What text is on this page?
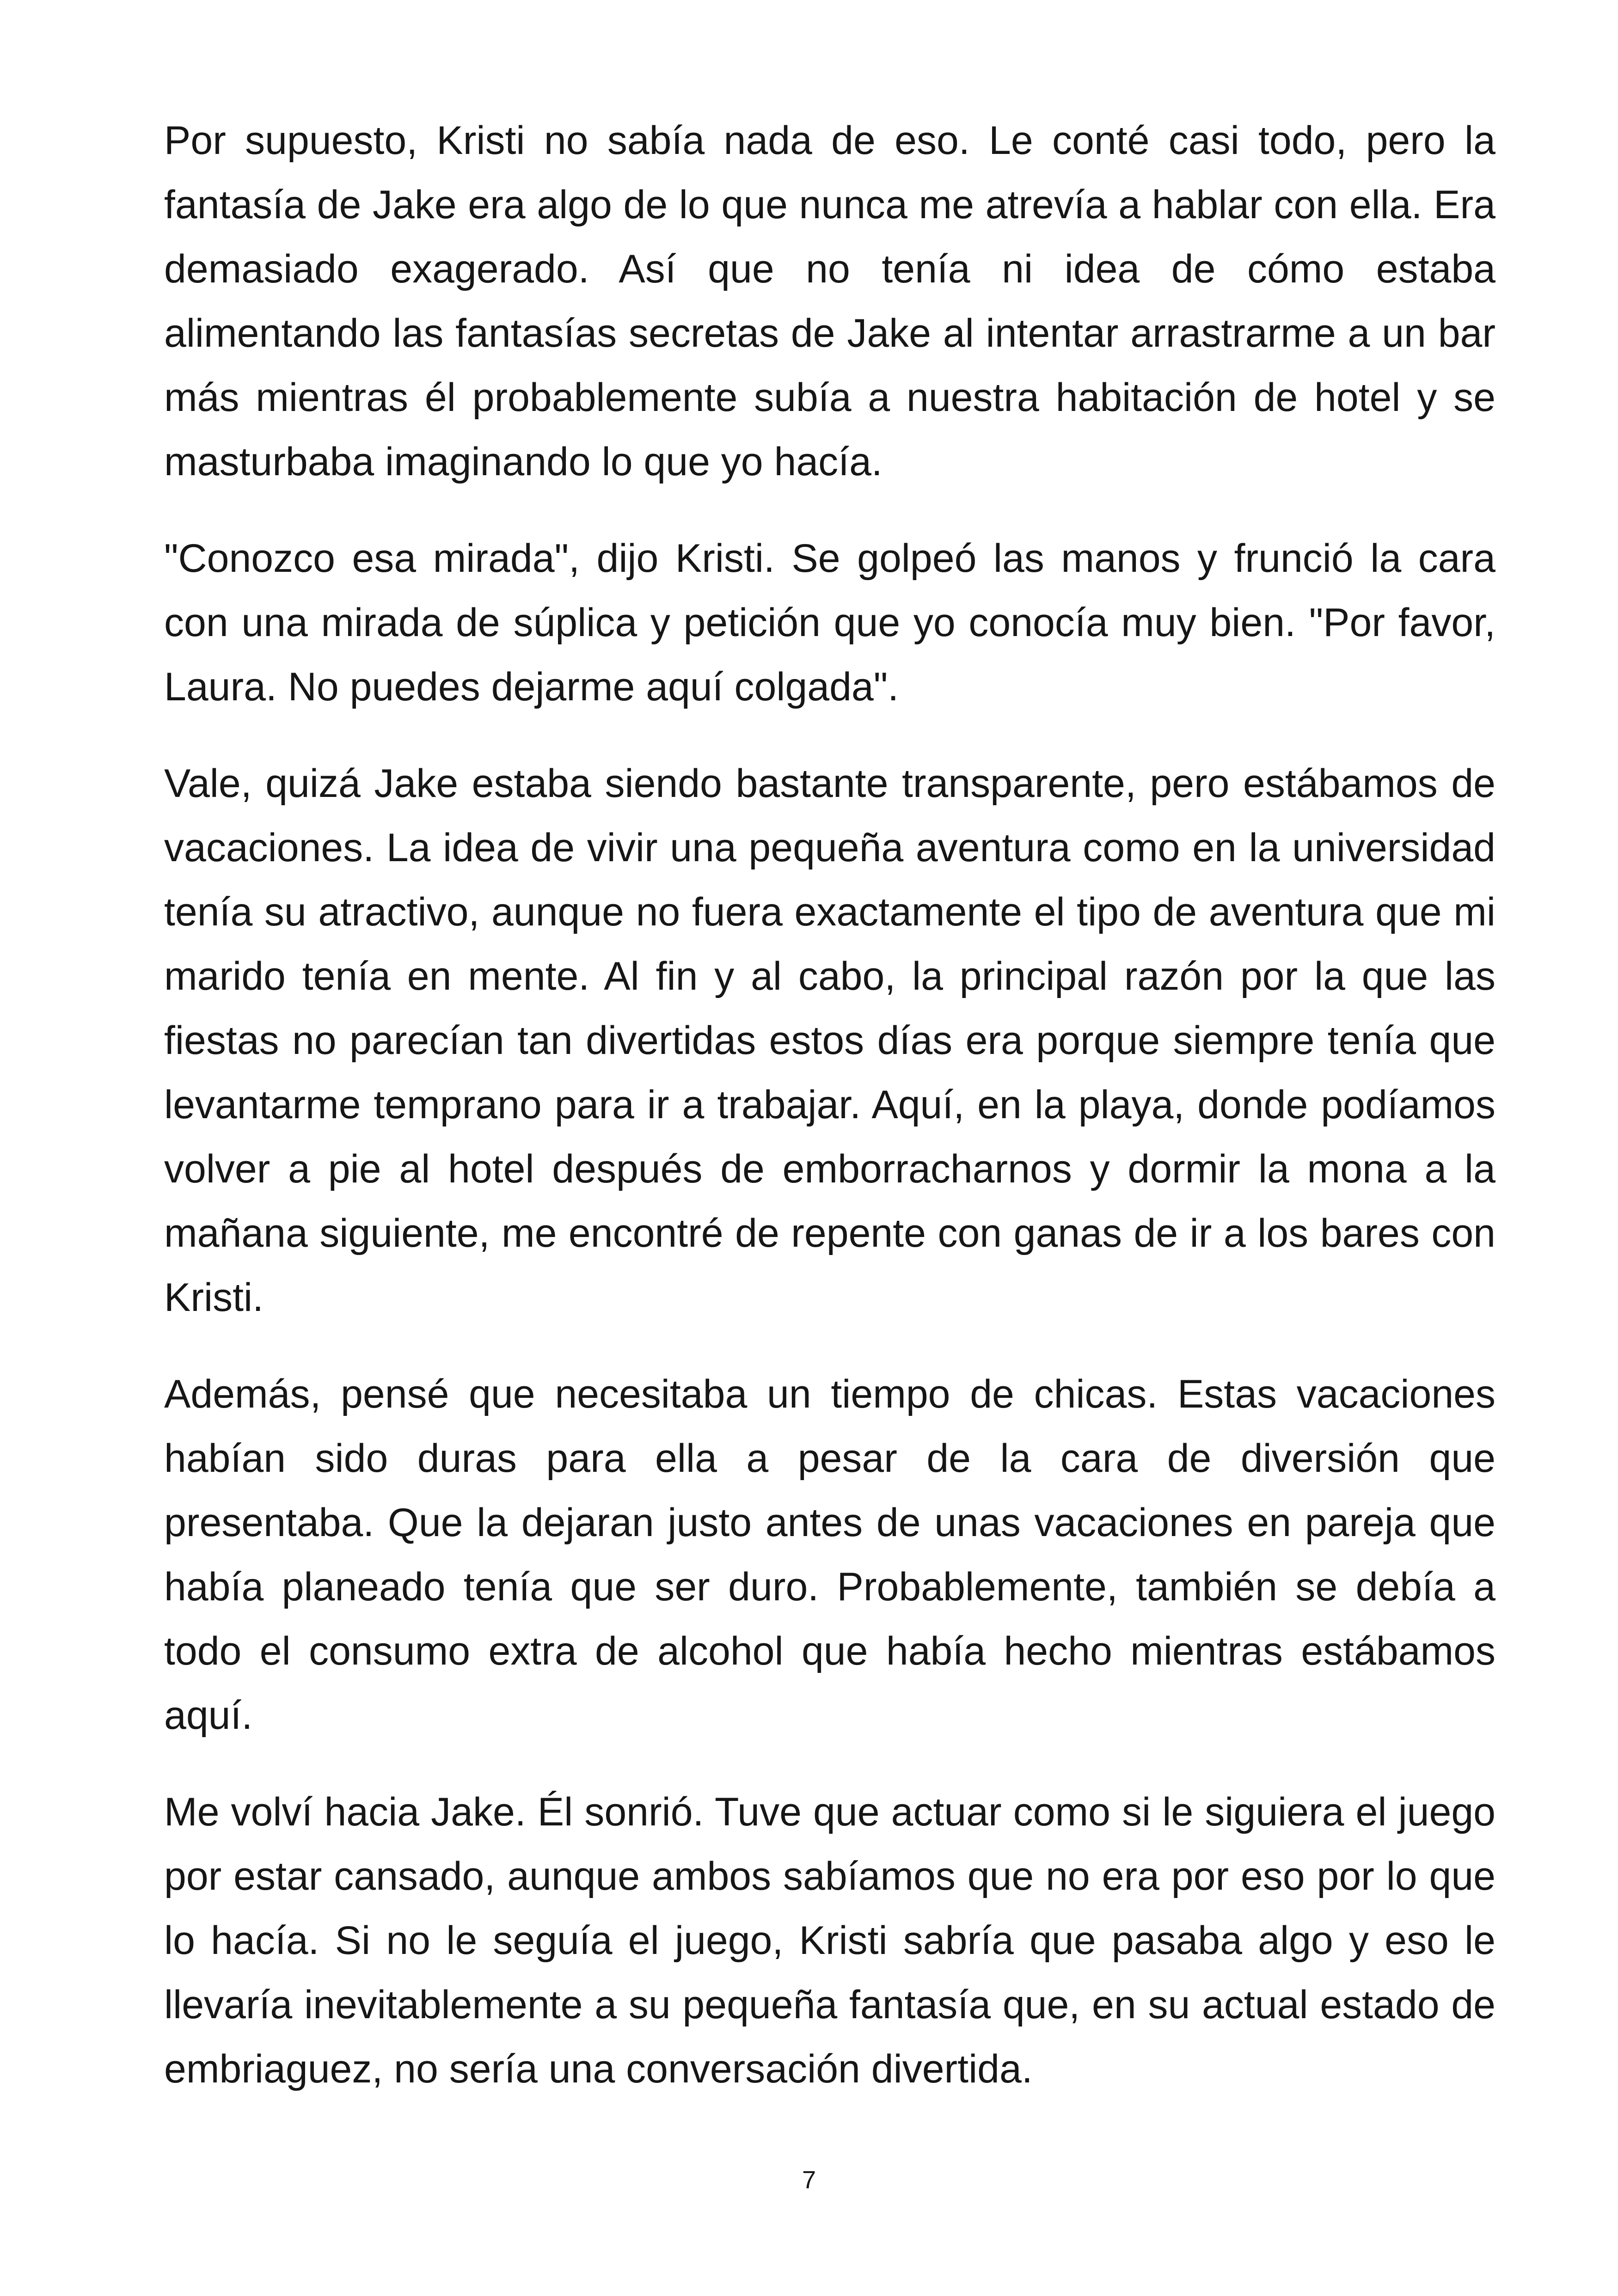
Por supuesto, Kristi no sabía nada de eso. Le conté casi todo, pero la fantasía de Jake era algo de lo que nunca me atrevía a hablar con ella. Era demasiado exagerado. Así que no tenía ni idea de cómo estaba alimentando las fantasías secretas de Jake al intentar arrastrarme a un bar más mientras él probablemente subía a nuestra habitación de hotel y se masturbaba imaginando lo que yo hacía.

"Conozco esa mirada", dijo Kristi. Se golpeó las manos y frunció la cara con una mirada de súplica y petición que yo conocía muy bien. "Por favor, Laura. No puedes dejarme aquí colgada".

Vale, quizá Jake estaba siendo bastante transparente, pero estábamos de vacaciones. La idea de vivir una pequeña aventura como en la universidad tenía su atractivo, aunque no fuera exactamente el tipo de aventura que mi marido tenía en mente. Al fin y al cabo, la principal razón por la que las fiestas no parecían tan divertidas estos días era porque siempre tenía que levantarme temprano para ir a trabajar. Aquí, en la playa, donde podíamos volver a pie al hotel después de emborracharnos y dormir la mona a la mañana siguiente, me encontré de repente con ganas de ir a los bares con Kristi.

Además, pensé que necesitaba un tiempo de chicas. Estas vacaciones habían sido duras para ella a pesar de la cara de diversión que presentaba. Que la dejaran justo antes de unas vacaciones en pareja que había planeado tenía que ser duro. Probablemente, también se debía a todo el consumo extra de alcohol que había hecho mientras estábamos aquí.

Me volví hacia Jake. Él sonrió. Tuve que actuar como si le siguiera el juego por estar cansado, aunque ambos sabíamos que no era por eso por lo que lo hacía. Si no le seguía el juego, Kristi sabría que pasaba algo y eso le llevaría inevitablemente a su pequeña fantasía que, en su actual estado de embriaguez, no sería una conversación divertida.

7
